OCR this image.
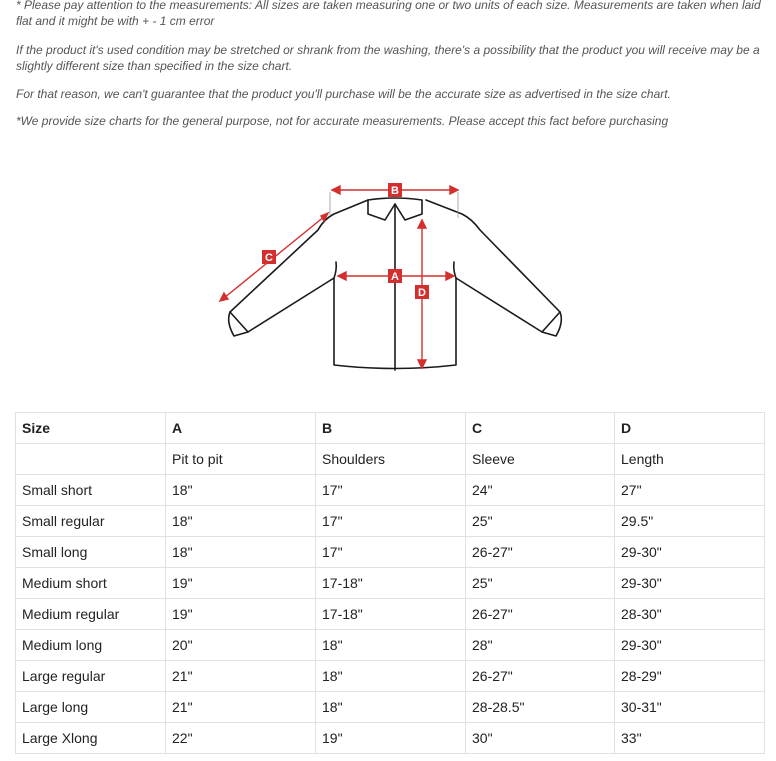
* Please pay attention to the measurements: All sizes are taken measuring one or two units of each size. Measurements are taken when laid flat and it might be with + - 1 cm error

If the product it's used condition may be stretched or shrank from the washing, there's a possibility that the product you will receive may be a slightly different size than specified in the size chart.

For that reason, we can't guarantee that the product you'll purchase will be the accurate size as advertised in the size chart.

*We provide size charts for the general purpose, not for accurate measurements. Please accept this fact before purchasing

B
A
C
D
Size	A	B	C	D
	Pit to pit	Shoulders	Sleeve	Length
Small short	18"	17"	24"	27"
Small regular	18"	17"	25"	29.5"
Small long	18"	17"	26-27"	29-30"
Medium short	19"	17-18"	25"	29-30"
Medium regular	19"	17-18"	26-27"	28-30"
Medium long	20"	18"	28"	29-30"
Large regular	21"	18"	26-27"	28-29"
Large long	21"	18"	28-28.5"	30-31"
Large Xlong	22"	19"	30"	33"
